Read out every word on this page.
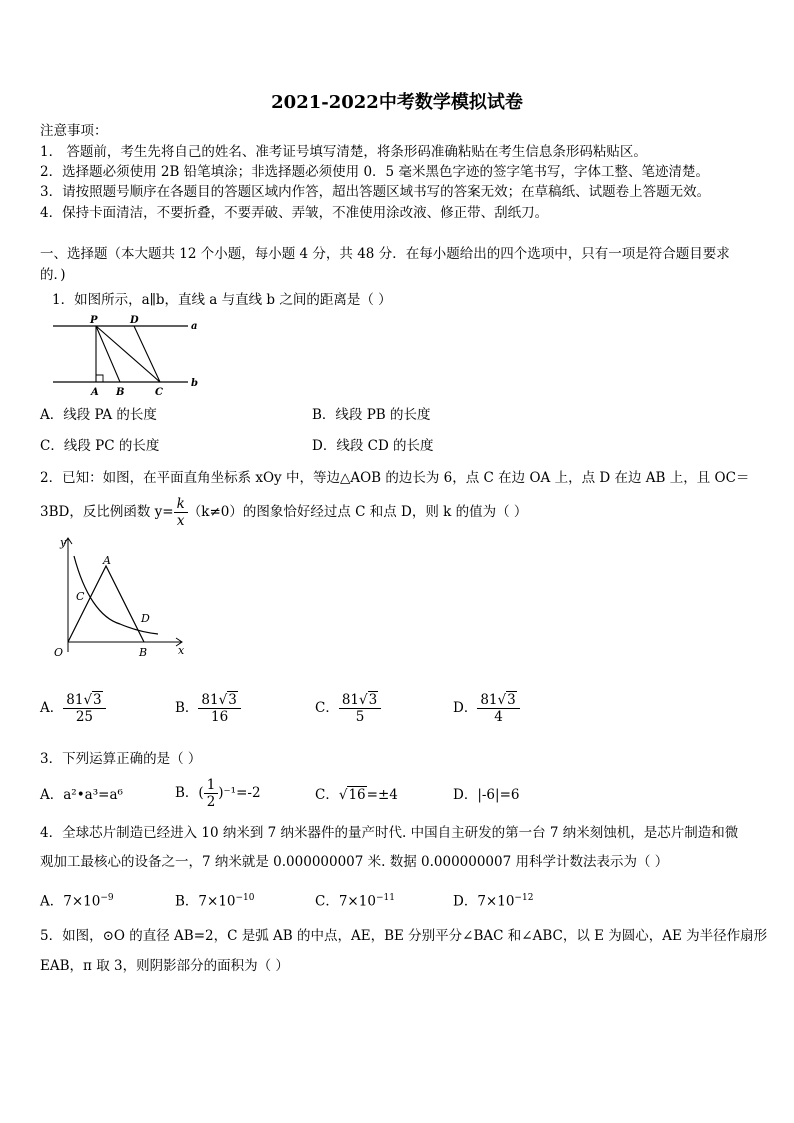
2021-2022中考数学模拟试卷
注意事项：
1． 答题前，考生先将自己的姓名、准考证号填写清楚，将条形码准确粘贴在考生信息条形码粘贴区。
2．选择题必须使用 2B 铅笔填涂；非选择题必须使用 0．5 毫米黑色字迹的签字笔书写，字体工整、笔迹清楚。
3．请按照题号顺序在各题目的答题区域内作答，超出答题区域书写的答案无效；在草稿纸、试题卷上答题无效。
4．保持卡面清洁，不要折叠，不要弄破、弄皱，不准使用涂改液、修正带、刮纸刀。
一、选择题（本大题共 12 个小题，每小题 4 分，共 48 分．在每小题给出的四个选项中，只有一项是符合题目要求
的．)
1．如图所示，a∥b，直线 a 与直线 b 之间的距离是（ ）
P	D
a
A B	C
b
A．线段 PA 的长度	B．线段 PB 的长度
C．线段 PC 的长度	D．线段 CD 的长度
2．已知：如图，在平面直角坐标系 xOy 中，等边△AOB 的边长为 6，点 C 在边 OA 上，点 D 在边 AB 上，且 OC＝
3BD，反比例函数 $y= \frac{k}{x} (k\ne 0)$的图象恰好经过点 C 和点 D，则 k 的值为（ ）
y
A
C
D
O	B	x
A． $\frac{81√3}{25}$	B． $\frac{81√3}{16}$	C． $\frac{81√3}{5}$	D． $\frac{81√3}{4}$
3．下列运算正确的是（ ）
A．a²•a³=a⁶	B．( $\frac{1}{2} )^{-1}=-2$	C．√16=±4	D．|-6|=6
4．全球芯片制造已经进入 10 纳米到 7 纳米器件的量产时代. 中国自主研发的第一台 7 纳米刻蚀机，是芯片制造和微
观加工最核心的设备之一，7 纳米就是 0.000000007 米. 数据 0.000000007 用科学计数法表示为（ ）
A．$7\times 10^{-9}$	B．$7\times 10^{-10}$	C．$7\times 10^{-11}$	D．$7\times 10^{-12}$
5．如图，⊙O 的直径 AB=2，C 是弧 AB 的中点，AE，BE 分别平分∠BAC 和∠ABC，以 E 为圆心，AE 为半径作扇形
EAB，π 取 3，则阴影部分的面积为（ ）
